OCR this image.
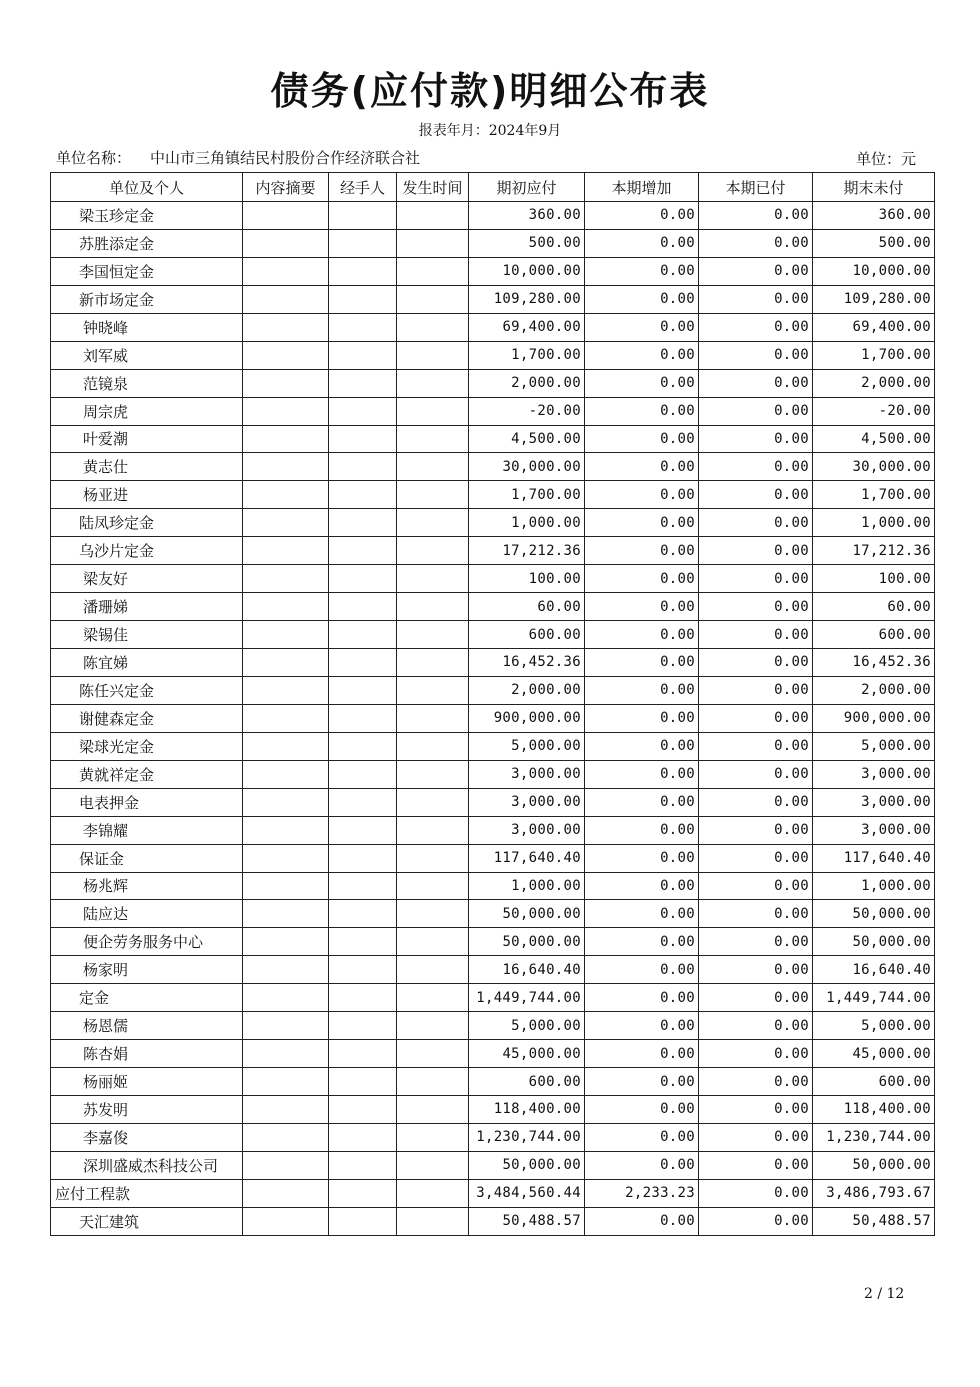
债务(应付款)明细公布表
报表年月：2024年9月
单位名称： 中山市三角镇结民村股份合作经济联合社	单位：元
单位及个人	内容摘要	经手人	发生时间	期初应付	本期增加	本期已付	期末未付
梁玉珍定金				360.00	0.00	0.00	360.00
苏胜添定金				500.00	0.00	0.00	500.00
李国恒定金				10,000.00	0.00	0.00	10,000.00
新市场定金				109,280.00	0.00	0.00	109,280.00
钟晓峰				69,400.00	0.00	0.00	69,400.00
刘军威				1,700.00	0.00	0.00	1,700.00
范镜泉				2,000.00	0.00	0.00	2,000.00
周宗虎				-20.00	0.00	0.00	-20.00
叶爱潮				4,500.00	0.00	0.00	4,500.00
黄志仕				30,000.00	0.00	0.00	30,000.00
杨亚进				1,700.00	0.00	0.00	1,700.00
陆凤珍定金				1,000.00	0.00	0.00	1,000.00
乌沙片定金				17,212.36	0.00	0.00	17,212.36
梁友好				100.00	0.00	0.00	100.00
潘珊娣				60.00	0.00	0.00	60.00
梁锡佳				600.00	0.00	0.00	600.00
陈宜娣				16,452.36	0.00	0.00	16,452.36
陈任兴定金				2,000.00	0.00	0.00	2,000.00
谢健森定金				900,000.00	0.00	0.00	900,000.00
梁球光定金				5,000.00	0.00	0.00	5,000.00
黄就祥定金				3,000.00	0.00	0.00	3,000.00
电表押金				3,000.00	0.00	0.00	3,000.00
李锦耀				3,000.00	0.00	0.00	3,000.00
保证金				117,640.40	0.00	0.00	117,640.40
杨兆辉				1,000.00	0.00	0.00	1,000.00
陆应达				50,000.00	0.00	0.00	50,000.00
便企劳务服务中心				50,000.00	0.00	0.00	50,000.00
杨家明				16,640.40	0.00	0.00	16,640.40
定金				1,449,744.00	0.00	0.00	1,449,744.00
杨恩儒				5,000.00	0.00	0.00	5,000.00
陈杏娟				45,000.00	0.00	0.00	45,000.00
杨丽姬				600.00	0.00	0.00	600.00
苏发明				118,400.00	0.00	0.00	118,400.00
李嘉俊				1,230,744.00	0.00	0.00	1,230,744.00
深圳盛威杰科技公司				50,000.00	0.00	0.00	50,000.00
应付工程款				3,484,560.44	2,233.23	0.00	3,486,793.67
天汇建筑				50,488.57	0.00	0.00	50,488.57
2 / 12
